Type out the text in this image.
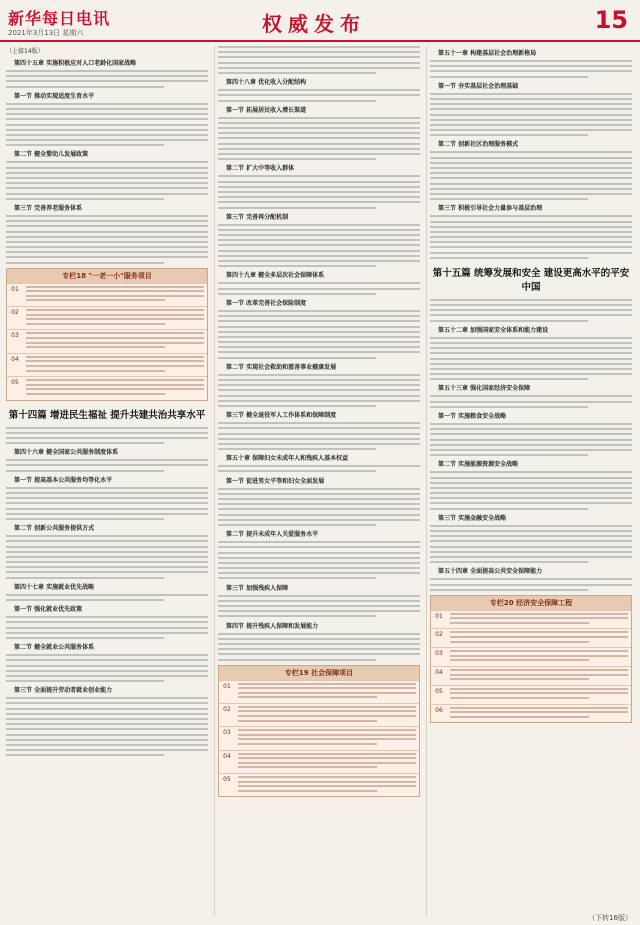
新华每日电讯
2021年3月13日 星期六	权威发布	15
（上接14版）
第四十五章 实施积极应对人口老龄化国家战略
第一节 推动实现适度生育水平
第二节 健全婴幼儿发展政策
第三节 完善养老服务体系
专栏18 "一老一小"服务项目
01
02
03
04
05
第十四篇 增进民生福祉 提升共建共治共享水平
第四十六章 健全国家公共服务制度体系
第一节 提高基本公共服务均等化水平
第二节 创新公共服务提供方式
第四十七章 实施就业优先战略
第一节 强化就业优先政策
第二节 健全就业公共服务体系
第三节 全面提升劳动者就业创业能力
第四十八章 优化收入分配结构
第一节 拓展居民收入增长渠道
第二节 扩大中等收入群体
第三节 完善再分配机制
第四十九章 健全多层次社会保障体系
第一节 改革完善社会保险制度
第二节 实现社会救助和慈善事业健康发展
第三节 健全退役军人工作体系和保障制度
第五十章 保障妇女未成年人和残疾人基本权益
第一节 促进男女平等和妇女全面发展
第二节 提升未成年人关爱服务水平
第三节 加强残疾人保障
第四节 提升残疾人保障和发展能力
专栏19 社会保障项目
01
02
03
04
05
第五十一章 构建基层社会治理新格局
第一节 夯实基层社会治理基础
第二节 创新社区治理服务模式
第三节 积极引导社会力量参与基层治理
第十五篇 统筹发展和安全 建设更高水平的平安中国
第五十二章 加强国家安全体系和能力建设
第五十三章 强化国家经济安全保障
第一节 实施粮食安全战略
第二节 实施能源资源安全战略
第三节 实施金融安全战略
第五十四章 全面提高公共安全保障能力
专栏20 经济安全保障工程
01
02
03
04
05
06
（下转16版）
